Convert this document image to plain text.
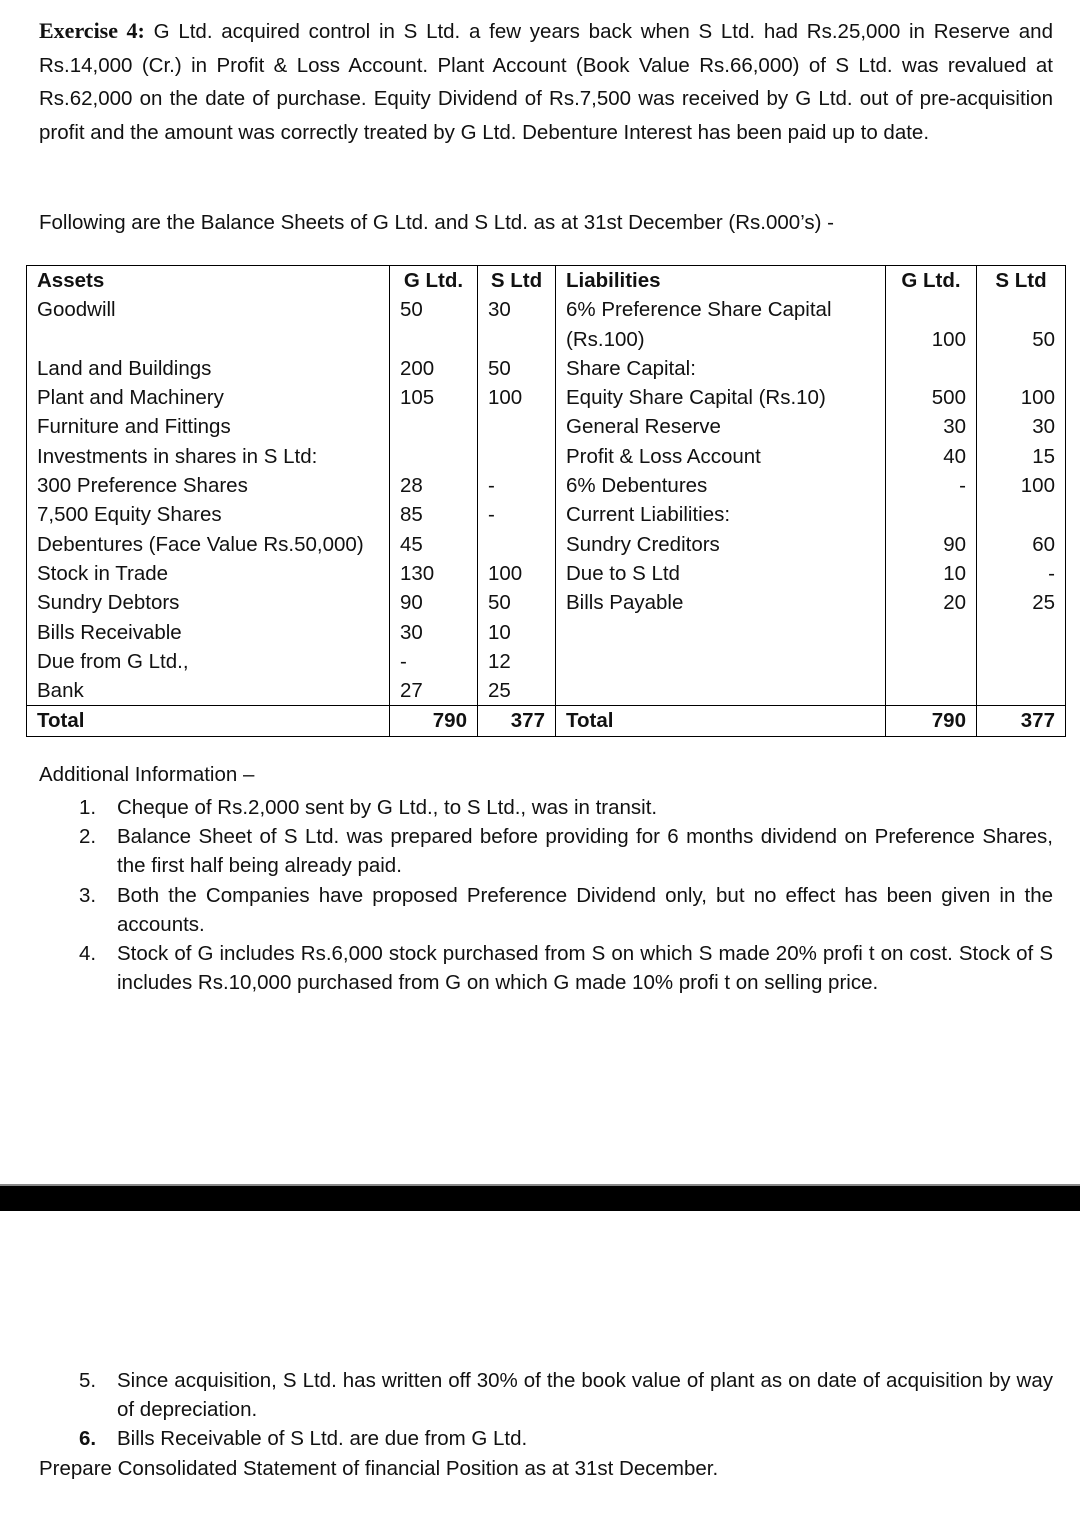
Exercise 4: G Ltd. acquired control in S Ltd. a few years back when S Ltd. had Rs.25,000 in Reserve and Rs.14,000 (Cr.) in Profit & Loss Account. Plant Account (Book Value Rs.66,000) of S Ltd. was revalued at Rs.62,000 on the date of purchase. Equity Dividend of Rs.7,500 was received by G Ltd. out of pre-acquisition profit and the amount was correctly treated by G Ltd. Debenture Interest has been paid up to date.
Following are the Balance Sheets of G Ltd. and S Ltd. as at 31st December (Rs.000’s) -
Assets	G Ltd.	S Ltd	Liabilities	G Ltd.	S Ltd
Goodwill	50	30	6% Preference Share Capital		
			(Rs.100)	100	50
Land and Buildings	200	50	Share Capital:		
Plant and Machinery	105	100	Equity Share Capital (Rs.10)	500	100
Furniture and Fittings			General Reserve	30	30
Investments in shares in S Ltd:			Profit & Loss Account	40	15
300 Preference Shares	28	-	6% Debentures	-	100
7,500 Equity Shares	85	-	Current Liabilities:		
Debentures (Face Value Rs.50,000)	45		Sundry Creditors	90	60
Stock in Trade	130	100	Due to S Ltd	10	-
Sundry Debtors	90	50	Bills Payable	20	25
Bills Receivable	30	10			
Due from G Ltd.,	-	12			
Bank	27	25			
Total	790	377	Total	790	377
Additional Information –
1. Cheque of Rs.2,000 sent by G Ltd., to S Ltd., was in transit.
2. Balance Sheet of S Ltd. was prepared before providing for 6 months dividend on Preference Shares, the first half being already paid.
3. Both the Companies have proposed Preference Dividend only, but no effect has been given in the accounts.
4. Stock of G includes Rs.6,000 stock purchased from S on which S made 20% profi t on cost. Stock of S includes Rs.10,000 purchased from G on which G made 10% profi t on selling price.
5. Since acquisition, S Ltd. has written off 30% of the book value of plant as on date of acquisition by way of depreciation.
6. Bills Receivable of S Ltd. are due from G Ltd.
Prepare Consolidated Statement of financial Position as at 31st December.
